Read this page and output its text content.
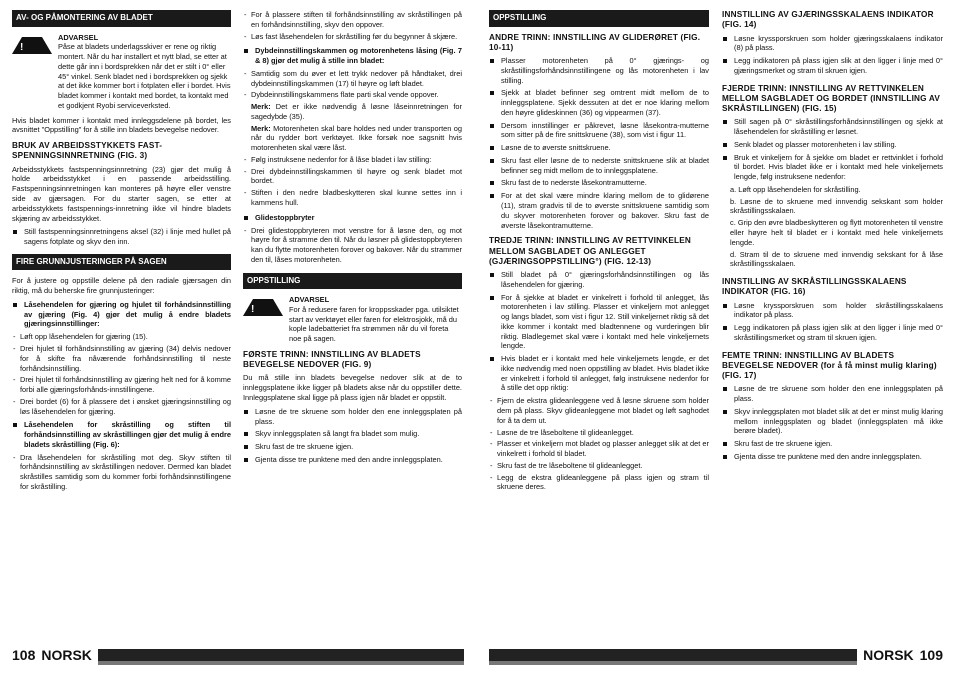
AV- OG PÅMONTERING AV BLADET
!
ADVARSEL
Påse at bladets underlagsskiver er rene og riktig montert. Når du har installert et nytt blad, se etter at dette går inn i bordsprekken når det er stilt i 0° eller 45° vinkel. Senk bladet ned i bordsprekken og sjekk at det ikke kommer bort i fotplaten eller i bordet. Hvis bladet kommer i kontakt med bordet, ta kontakt med et godkjent Ryobi serviceverksted.

Hvis bladet kommer i kontakt med innleggsdelene på bordet, les avsnittet "Oppstilling" for å stille inn bladets bevegelse nedover.

BRUK AV ARBEIDSSTYKKETS FAST-SPENNINGSINNRETNING (FIG. 3)

Arbeidsstykkets fastspenningsinnretning (23) gjør det mulig å holde arbeidsstykket i en passende arbeidsstilling. Fastspenningsinnretningen kan monteres på høyre eller venstre side av gjærsagen. For du starter sagen, se etter at arbeidsstykkets fastspennings-innretning ikke vil hindre bladets skjæring av arbeidsstykket.

Still fastspenningsinnretningens aksel (32) i linje med hullet på sagens fotplate og skyv den inn.
FIRE GRUNNJUSTERINGER PÅ SAGEN

For å justere og oppstille delene på den radiale gjærsagen din riktig, må du beherske fire grunnjusteringer:

Låsehendelen for gjæring og hjulet til forhåndsinnstilling av gjæring (Fig. 4) gjør det mulig å endre bladets gjæringsinnstillinger:
- Løft opp låsehendelen for gjæring (15).
- Drei hjulet til forhåndsinnstilling av gjæring (34) delvis nedover for å skifte fra nåværende forhåndsinnstilling til neste forhåndsinnstilling.
- Drei hjulet til forhåndsinnstilling av gjæring helt ned for å komme forbi alle gjæringsforhånds-innstillingene.
- Drei bordet (6) for å plassere det i ønsket gjæringsinnstilling og løs låsehendelen for gjæring.
Låsehendelen for skråstilling og stiften til forhåndsinnstilling av skråstillingen gjør det mulig å endre bladets skråstilling (Fig. 6):
- Dra låsehendelen for skråstilling mot deg. Skyv stiften til forhåndsinnstilling av skråstillingen nedover. Dermed kan bladet skråstilles samtidig som du kommer forbi forhåndsinnstillingene for skråstilling.
- For å plassere stiften til forhåndsinnstilling av skråstillingen på en forhåndsinnstilling, skyv den oppover.
- Løs fast låsehendelen for skråstilling før du begynner å skjære.
Dybdeinnstillingskammen og motorenhetens låsing (Fig. 7 & 8) gjør det mulig å stille inn bladet:
- Samtidig som du øver et lett trykk nedover på håndtaket, drei dybdeinnstillingskammen (17) til høyre og løft bladet.
- Dybdeinnstillingskammens flate parti skal vende oppover.
Merk: Det er ikke nødvendig å løsne låseinnretningen for sagedybde (35).
Merk: Motorenheten skal bare holdes ned under transporten og når du rydder bort verktøyet. Ikke forsøk noe sagsnitt hvis motorenheten skal være låst.
- Følg instruksene nedenfor for å låse bladet i lav stilling:
- Drei dybdeinnstillingskammen til høyre og senk bladet mot bordet.
- Stiften i den nedre bladbeskytteren skal kunne settes inn i kammens hull.
Glidestoppbryter
- Drei glidestoppbryteren mot venstre for å løsne den, og mot høyre for å stramme den til. Når du løsner på glidestoppbryteren kan du flytte motorenheten forover og bakover. Når du strammer den til, låses motorenheten.
OPPSTILLING
!
ADVARSEL
For å redusere faren for kroppsskader pga. utilsiktet start av verktøyet eller faren for elektrosjokk, må du kople ladebatteriet fra strømmen når du vil foreta noe på sagen.
FØRSTE TRINN: INNSTILLING AV BLADETS BEVEGELSE NEDOVER (FIG. 9)

Du må stille inn bladets bevegelse nedover slik at de to innleggsplatene ikke ligger på bladets akse når du oppstiller dette. Innleggsplatene skal ligge på plass igjen når bladet er oppstilt.

Løsne de tre skruene som holder den ene innleggsplaten på plass.
Skyv innleggsplaten så langt fra bladet som mulig.
Skru fast de tre skruene igjen.
Gjenta disse tre punktene med den andre innleggsplaten.
OPPSTILLING
ANDRE TRINN: INNSTILLING AV GLIDERØRET (FIG. 10-11)
Plasser motorenheten på 0° gjærings- og skråstillingsforhåndsinnstillingene og lås motorenheten i lav stilling.
Sjekk at bladet befinner seg omtrent midt mellom de to innleggsplatene. Sjekk dessuten at det er noe klaring mellom den høyre glideskinnen (36) og vippearmen (37).
Dersom innstillinger er påkrevet, løsne låsekontra-mutterne som sitter på de fire snittskruene (38), som vist i figur 11.
Løsne de to øverste snittskruene.
Skru fast eller løsne de to nederste snittskruene slik at bladet befinner seg midt mellom de to innleggsplatene.
Skru fast de to nederste låsekontramutterne.
For at det skal være mindre klaring mellom de to glidørene (11), stram gradvis til de to øverste snittskruene samtidig som du skyver motorenheten forover og bakover. Skru fast de øverste låsekontramutterne.
TREDJE TRINN: INNSTILLING AV RETTVINKELEN MELLOM SAGBLADET OG ANLEGGET (GJÆRINGSOPPSTILLING°) (FIG. 12-13)
Still bladet på 0° gjæringsforhåndsinnstillingen og lås låsehendelen for gjæring.
For å sjekke at bladet er vinkelrett i forhold til anlegget, lås motorenheten i lav stilling. Plasser et vinkeljern mot anlegget og langs bladet, som vist i figur 12. Still vinkeljernet riktig så det ikke kommer i kontakt med bladtennene og vurderingen blir riktig. Bladlegemet skal være i kontakt med hele vinkeljernets lengde.
Hvis bladet er i kontakt med hele vinkeljernets lengde, er det ikke nødvendig med noen oppstilling av bladet. Hvis bladet ikke er vinkelrett i forhold til anlegget, følg instruksene nedenfor for å stille det opp riktig:
- Fjern de ekstra glideanleggene ved å løsne skruene som holder dem på plass. Skyv glideanleggene mot bladet og løft saghodet for å ta dem ut.
- Løsne de tre låseboltene til glideanlegget.
- Plasser et vinkeljern mot bladet og plasser anlegget slik at det er vinkelrett i forhold til bladet.
- Skru fast de tre låseboltene til glideanlegget.
- Legg de ekstra glideanleggene på plass igjen og stram til skruene deres.
INNSTILLING AV GJÆRINGSSKALAENS INDIKATOR (FIG. 14)
Løsne kryssporskruen som holder gjæringsskalaens indikator (8) på plass.
Legg indikatoren på plass igjen slik at den ligger i linje med 0° gjæringsmerket og stram til skruen igjen.
FJERDE TRINN: INNSTILLING AV RETTVINKELEN MELLOM SAGBLADET OG BORDET (INNSTILLING AV SKRÅSTILLINGEN) (FIG. 15)
Still sagen på 0° skråstillingsforhåndsinnstillingen og sjekk at låsehendelen for skråstilling er løsnet.
Senk bladet og plasser motorenheten i lav stilling.
Bruk et vinkeljern for å sjekke om bladet er rettvinklet i forhold til bordet. Hvis bladet ikke er i kontakt med hele vinkeljernets lengde, følg instruksene nedenfor:
a. Løft opp låsehendelen for skråstilling.
b. Løsne de to skruene med innvendig sekskant som holder skråstillingsskalaen.
c. Grip den øvre bladbeskytteren og flytt motorenheten til venstre eller høyre helt til bladet er i kontakt med hele vinkeljernets lengde.
d. Stram til de to skruene med innvendig sekskant for å låse skråstillingsskalaen.
INNSTILLING AV SKRÅSTILLINGSSKALAENS INDIKATOR (FIG. 16)
Løsne kryssporskruen som holder skråstillingsskalaens indikator på plass.
Legg indikatoren på plass igjen slik at den ligger i linje med 0° skråstillingsmerket og stram til skruen igjen.
FEMTE TRINN: INNSTILLING AV BLADETS BEVEGELSE NEDOVER (for å få minst mulig klaring) (FIG. 17)
Løsne de tre skruene som holder den ene innleggsplaten på plass.
Skyv innleggsplaten mot bladet slik at det er minst mulig klaring mellom innleggsplaten og bladet (innleggsplaten må ikke berøre bladet).
Skru fast de tre skruene igjen.
Gjenta disse tre punktene med den andre innleggsplaten.
108 NORSK	NORSK 109
